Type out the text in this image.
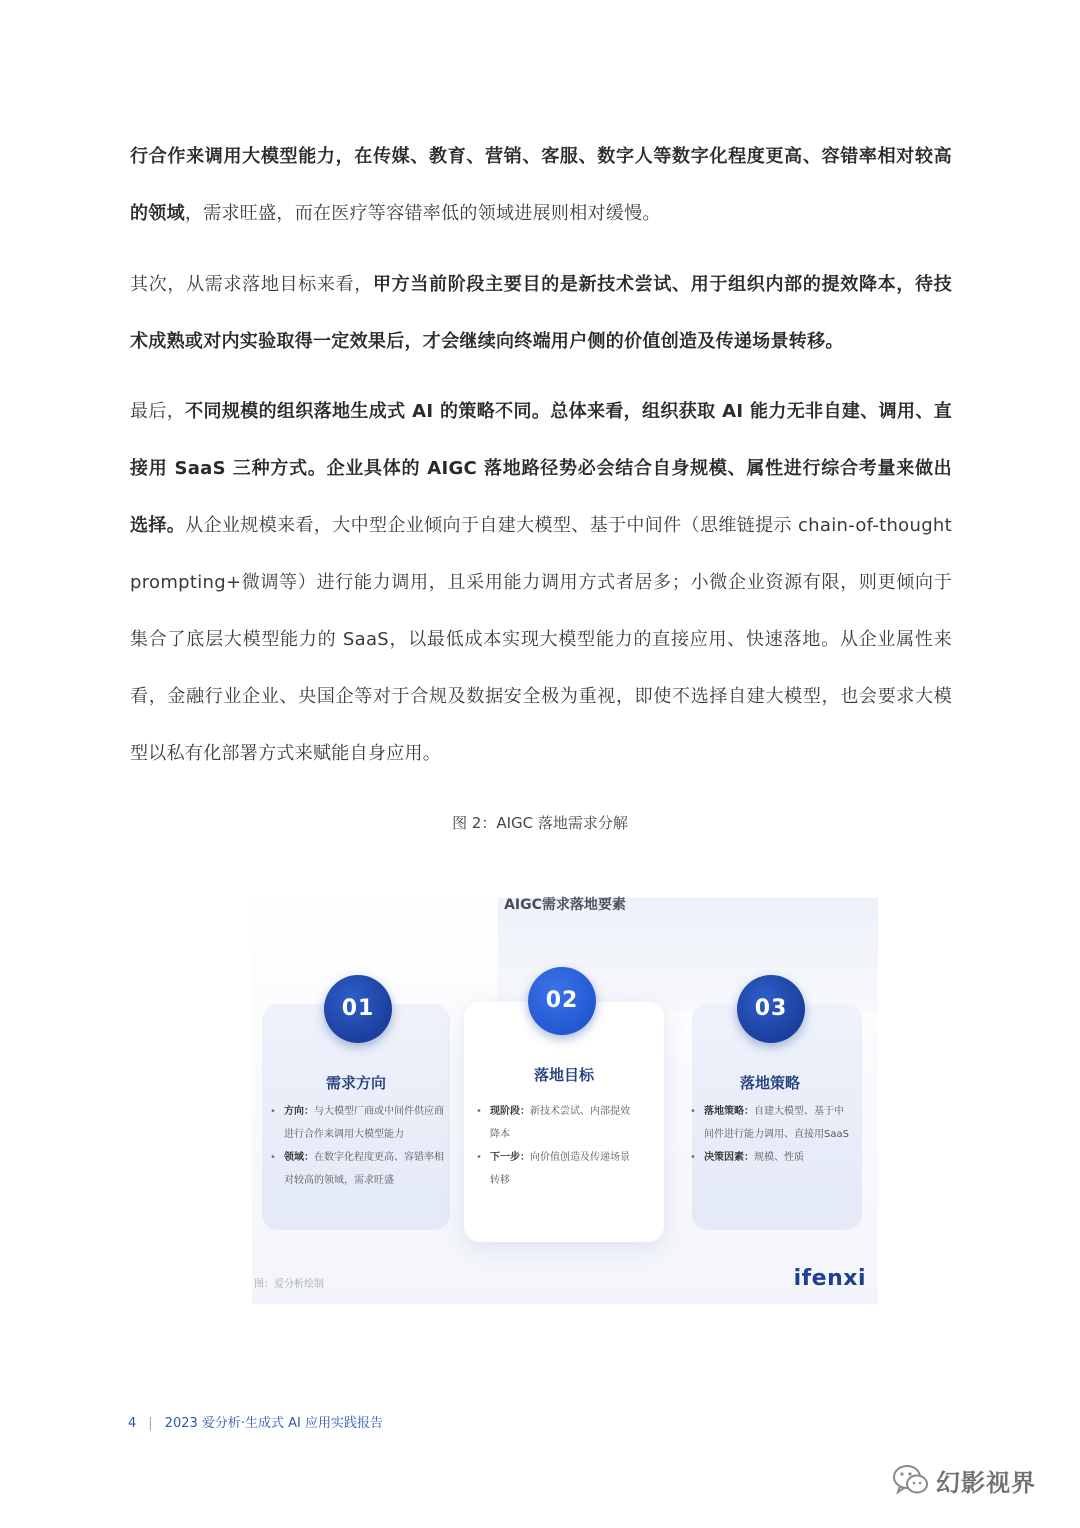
行合作来调用大模型能力，在传媒、教育、营销、客服、数字人等数字化程度更高、容错率相对较高的领域，需求旺盛，而在医疗等容错率低的领域进展则相对缓慢。
其次，从需求落地目标来看，甲方当前阶段主要目的是新技术尝试、用于组织内部的提效降本，待技术成熟或对内实验取得一定效果后，才会继续向终端用户侧的价值创造及传递场景转移。
最后，不同规模的组织落地生成式 AI 的策略不同。总体来看，组织获取 AI 能力无非自建、调用、直接用 SaaS 三种方式。企业具体的 AIGC 落地路径势必会结合自身规模、属性进行综合考量来做出选择。从企业规模来看，大中型企业倾向于自建大模型、基于中间件（思维链提示 chain-of-thought prompting+微调等）进行能力调用，且采用能力调用方式者居多；小微企业资源有限，则更倾向于集合了底层大模型能力的 SaaS，以最低成本实现大模型能力的直接应用、快速落地。从企业属性来看，金融行业企业、央国企等对于合规及数据安全极为重视，即使不选择自建大模型，也会要求大模型以私有化部署方式来赋能自身应用。
图 2：AIGC 落地需求分解
AIGC需求落地要素
01	02	03
需求方向	落地目标	落地策略
• 方向：与大模型厂商或中间件供应商进行合作来调用大模型能力
• 领域：在数字化程度更高、容错率相对较高的领域，需求旺盛
• 现阶段：新技术尝试、内部提效降本
• 下一步：向价值创造及传递场景转移
• 落地策略：自建大模型、基于中间件进行能力调用、直接用SaaS
• 决策因素：规模、性质
图：爱分析绘制	ifenxi
4 | 2023 爱分析·生成式 AI 应用实践报告
幻影视界
